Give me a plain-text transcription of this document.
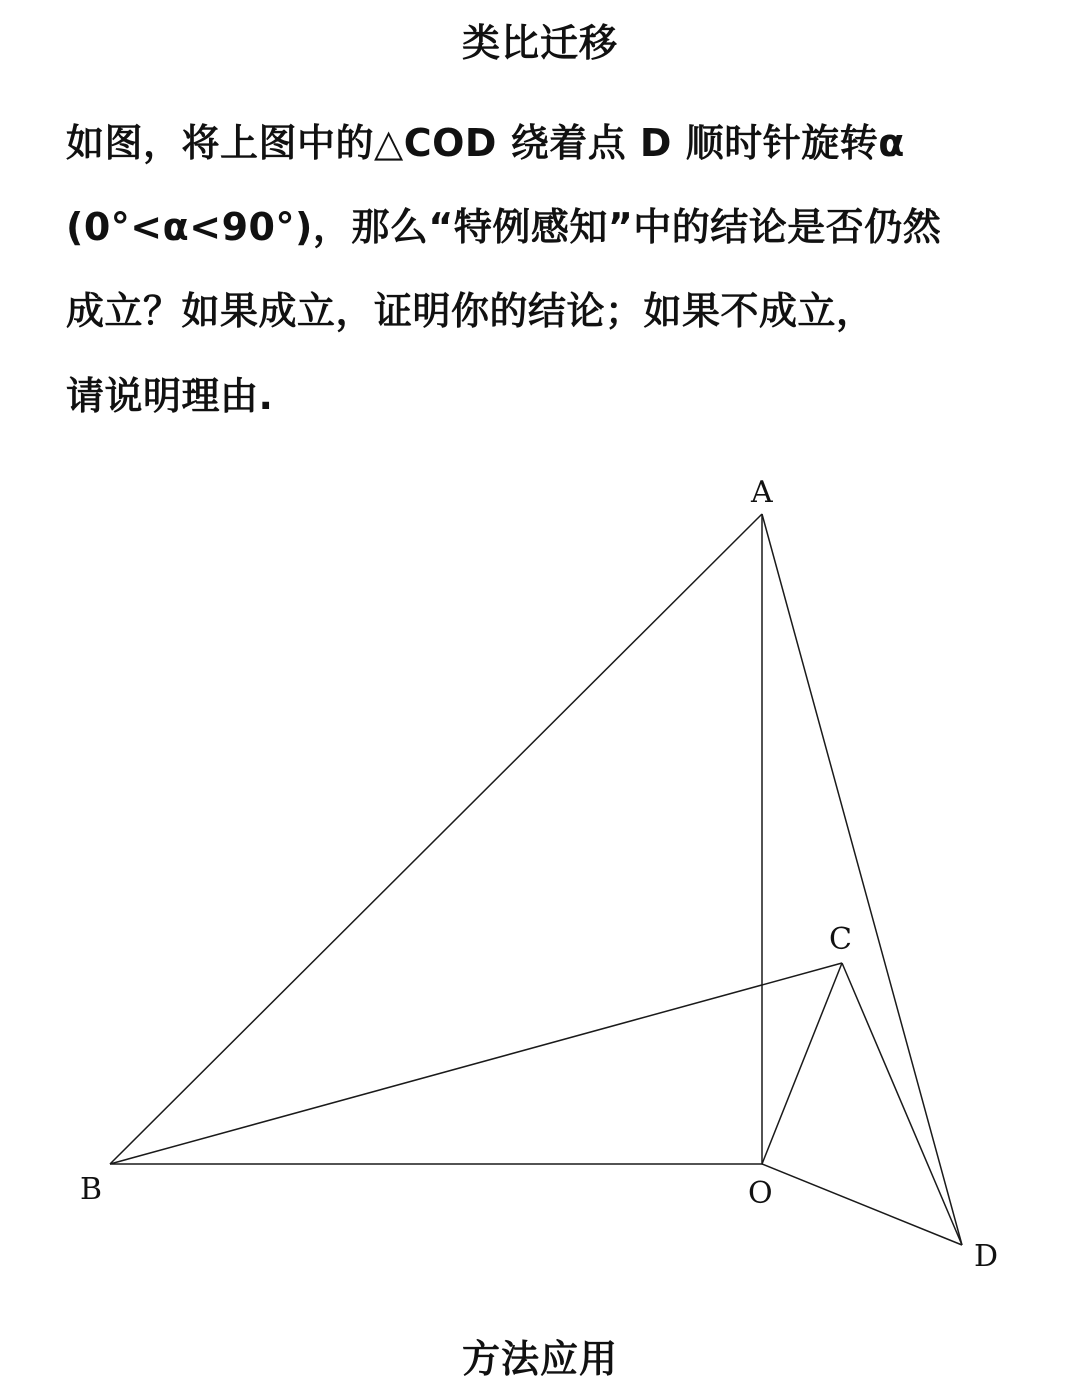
类比迁移
如图，将上图中的△COD 绕着点 D 顺时针旋转α
(0°<α<90°)，那么“特例感知”中的结论是否仍然
成立？如果成立，证明你的结论；如果不成立，
请说明理由.
A
B
C
O
D
方法应用
